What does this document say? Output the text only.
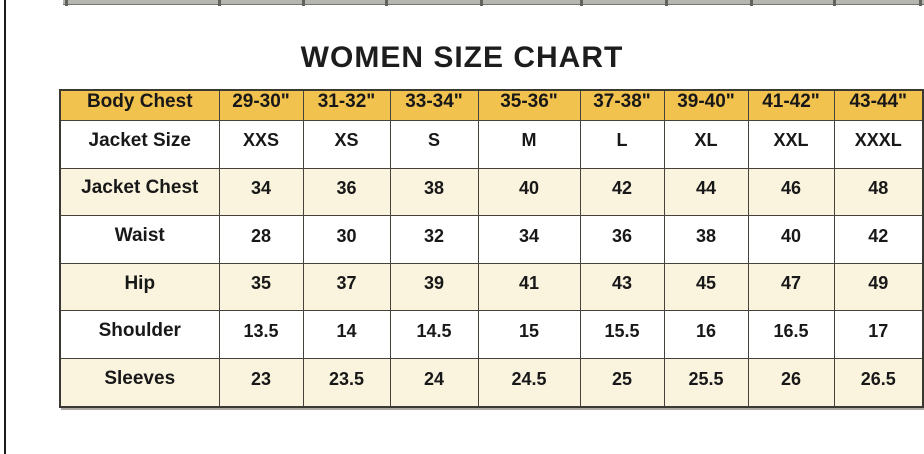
WOMEN SIZE CHART
Body Chest	29-30"	31-32"	33-34"	35-36"	37-38"	39-40"	41-42"	43-44"
Jacket Size	XXS	XS	S	M	L	XL	XXL	XXXL
Jacket Chest	34	36	38	40	42	44	46	48
Waist	28	30	32	34	36	38	40	42
Hip	35	37	39	41	43	45	47	49
Shoulder	13.5	14	14.5	15	15.5	16	16.5	17
Sleeves	23	23.5	24	24.5	25	25.5	26	26.5
